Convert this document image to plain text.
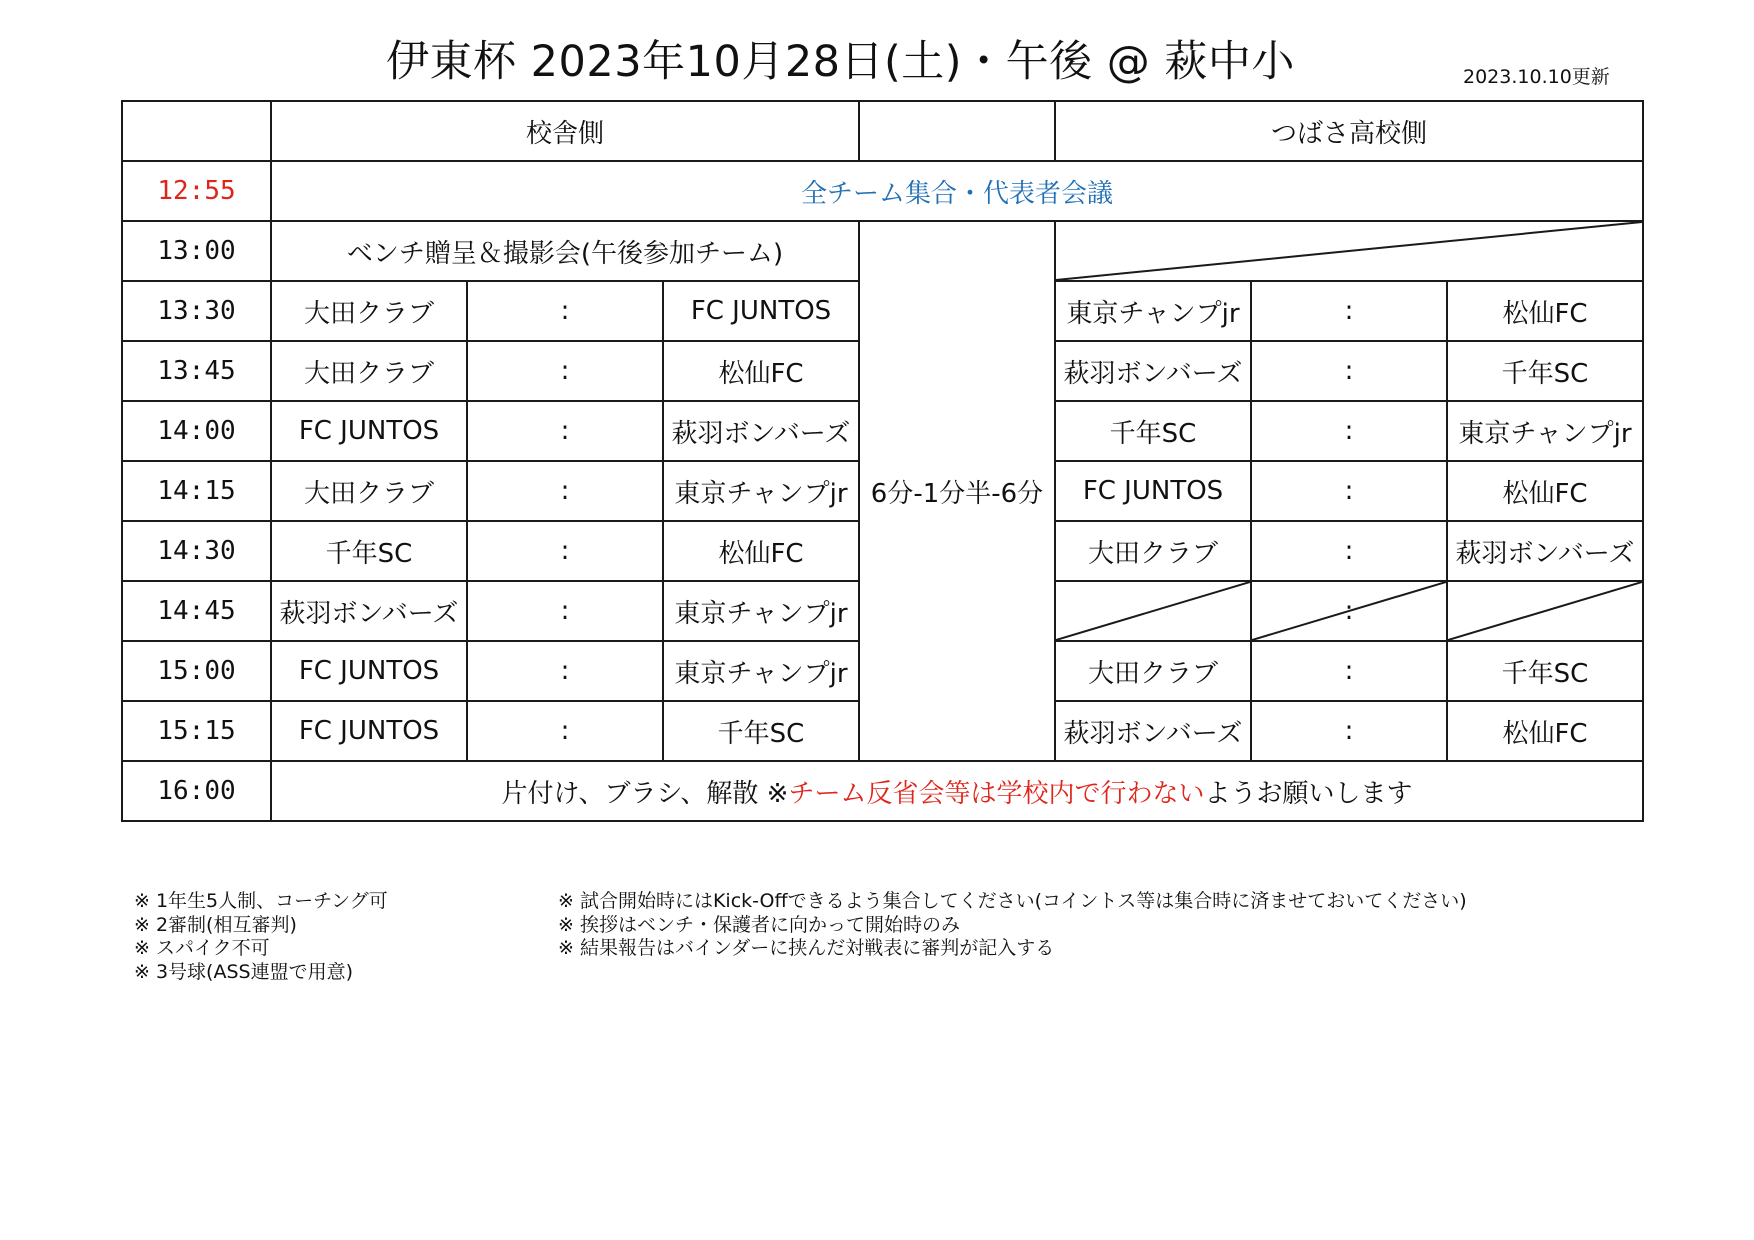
伊東杯 2023年10月28日(土)・午後 @ 萩中小	2023.10.10更新
	校舎側				つばさ高校側		
12:55	全チーム集合・代表者会議						
13:00	ベンチ贈呈＆撮影会(午後参加チーム)			6分-1分半-6分	

13:30	大田クラブ	:	FC JUNTOS		東京チャンプjr	:	松仙FC
13:45	大田クラブ	:	松仙FC		萩羽ボンバーズ	:	千年SC
14:00	FC JUNTOS	:	萩羽ボンバーズ		千年SC	:	東京チャンプjr
14:15	大田クラブ	:	東京チャンプjr		FC JUNTOS	:	松仙FC
14:30	千年SC	:	松仙FC		大田クラブ	:	萩羽ボンバーズ
14:45	萩羽ボンバーズ	:	東京チャンプjr			:	

15:00	FC JUNTOS	:	東京チャンプjr		大田クラブ	:	千年SC
15:15	FC JUNTOS	:	千年SC		萩羽ボンバーズ	:	松仙FC
16:00	片付け、ブラシ、解散 ※チーム反省会等は学校内で行わないようお願いします						
※ 1年生5人制、コーチング可
※ 2審制(相互審判)
※ スパイク不可
※ 3号球(ASS連盟で用意)
※ 試合開始時にはKick-Offできるよう集合してください(コイントス等は集合時に済ませておいてください)
※ 挨拶はベンチ・保護者に向かって開始時のみ
※ 結果報告はバインダーに挟んだ対戦表に審判が記入する
